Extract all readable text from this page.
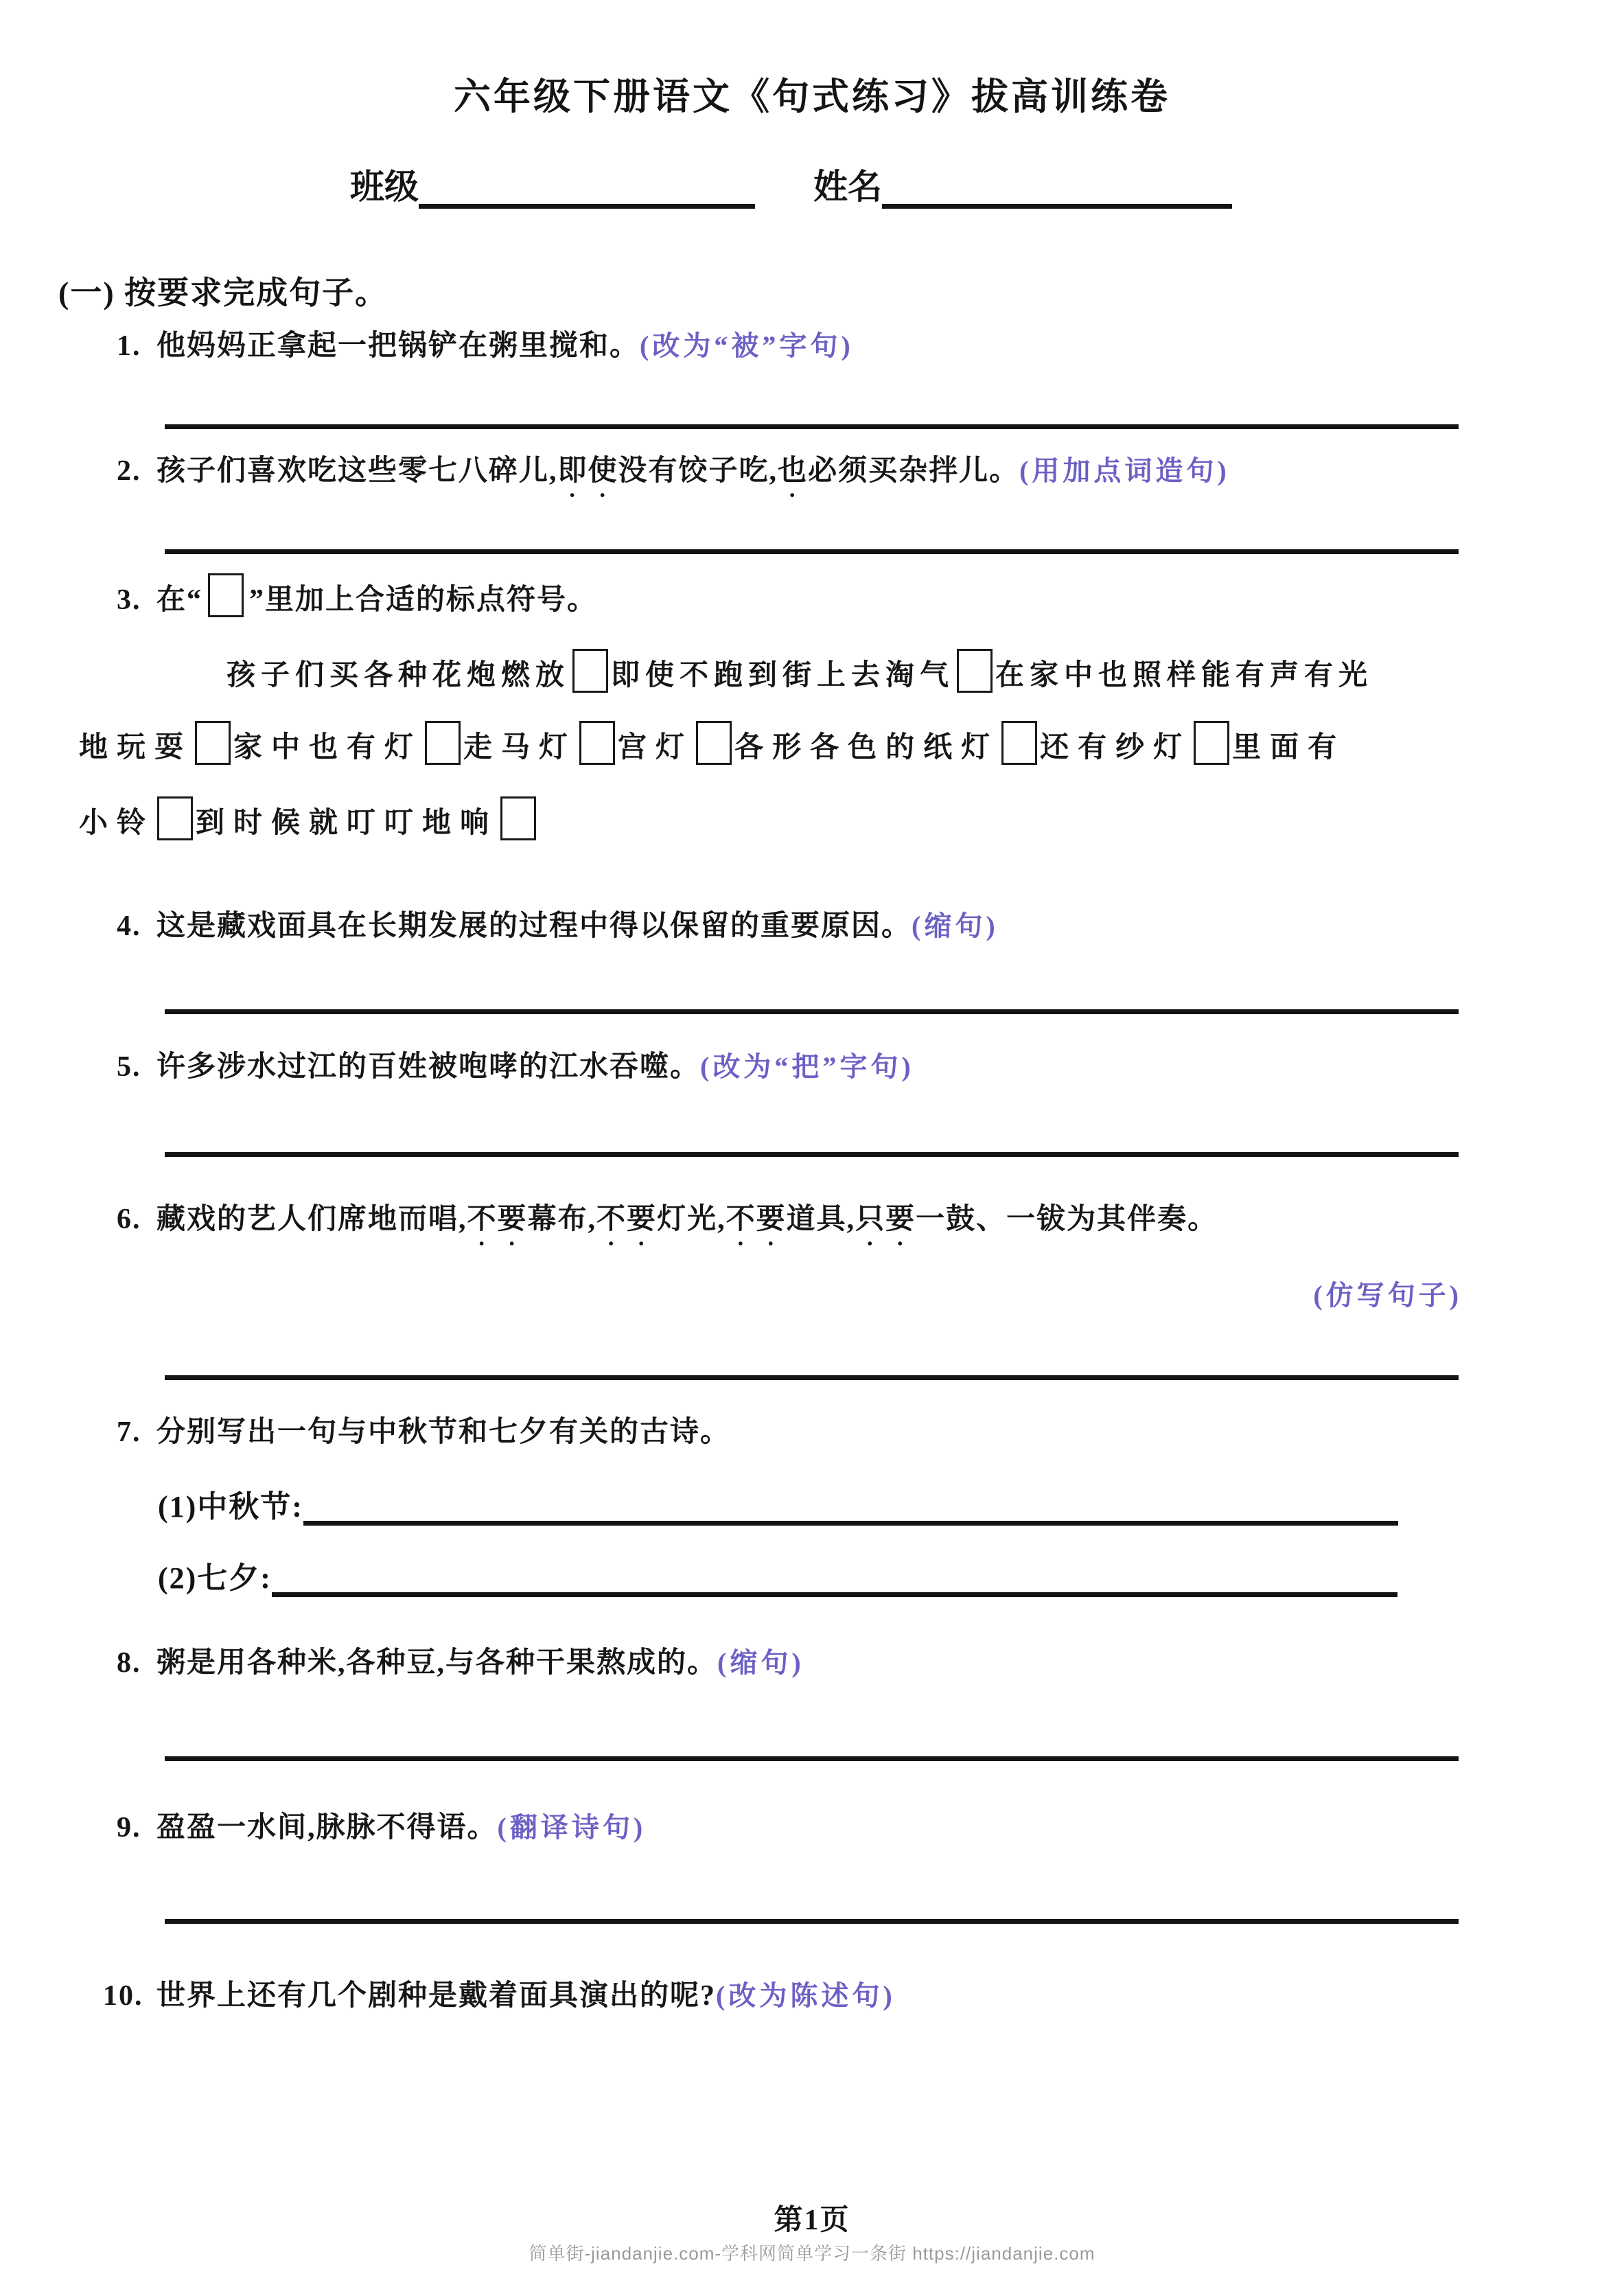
六年级下册语文《句式练习》拔高训练卷
班级	姓名
(一) 按要求完成句子。
1. 他妈妈正拿起一把锅铲在粥里搅和。(改为“被”字句)
2. 孩子们喜欢吃这些零七八碎儿,即使没有饺子吃,也必须买杂拌儿。(用加点词造句)
3. 在“ ”里加上合适的标点符号。
孩子们买各种花炮燃放 即使不跑到街上去淘气 在家中也照样能有声有光
地玩耍 家中也有灯 走马灯 宫灯 各形各色的纸灯 还有纱灯 里面有
小铃 到时候就叮叮地响
4. 这是藏戏面具在长期发展的过程中得以保留的重要原因。(缩句)
5. 许多涉水过江的百姓被咆哮的江水吞噬。(改为“把”字句)
6. 藏戏的艺人们席地而唱,不要幕布,不要灯光,不要道具,只要一鼓、一钹为其伴奏。
(仿写句子)
7. 分别写出一句与中秋节和七夕有关的古诗。
(1)中秋节:
(2)七夕:
8. 粥是用各种米,各种豆,与各种干果熬成的。(缩句)
9. 盈盈一水间,脉脉不得语。(翻译诗句)
10. 世界上还有几个剧种是戴着面具演出的呢?(改为陈述句)
第1页
简单街-jiandanjie.com-学科网简单学习一条街 https://jiandanjie.com
